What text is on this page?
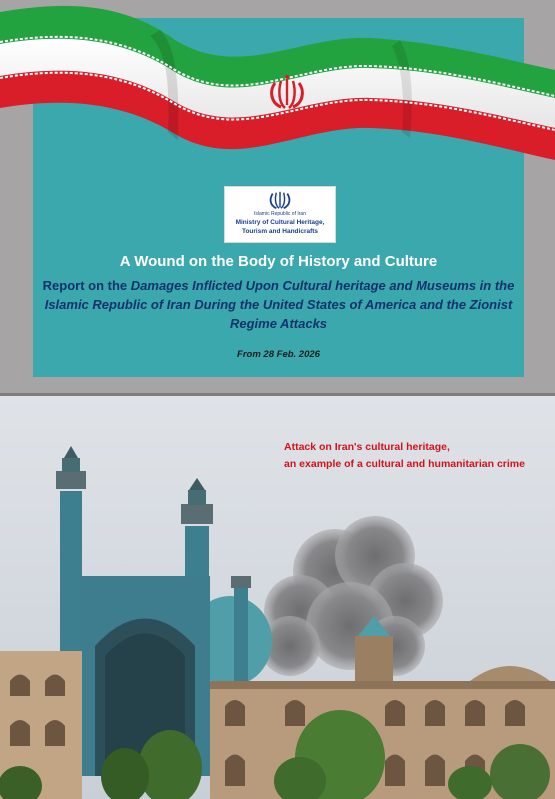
Islamic Republic of Iran
Ministry of Cultural Heritage,
Tourism and Handicrafts
A Wound on the Body of History and Culture
Report on the Damages Inflicted Upon Cultural heritage and Museums in the Islamic Republic of Iran During the United States of America and the Zionist Regime Attacks
From 28 Feb. 2026
Attack on Iran's cultural heritage,
an example of a cultural and humanitarian crime
